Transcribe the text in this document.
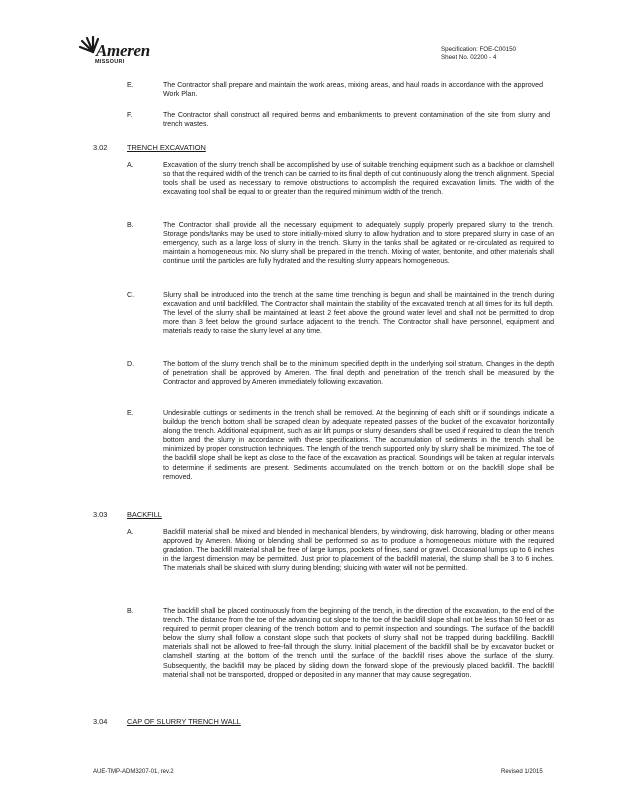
Ameren
MISSOURI
Specification: FOE-C00150
Sheet No. 02200 - 4
E.	The Contractor shall prepare and maintain the work areas, mixing areas, and haul roads in accordance with the approved Work Plan.

F.	The Contractor shall construct all required berms and embankments to prevent contamination of the site from slurry and trench wastes.

3.02	TRENCH EXCAVATION
A.	Excavation of the slurry trench shall be accomplished by use of suitable trenching equipment such as a backhoe or clamshell so that the required width of the trench can be carried to its final depth of cut continuously along the trench alignment. Special tools shall be used as necessary to remove obstructions to accomplish the required excavation limits. The width of the excavating tool shall be equal to or greater than the required minimum width of the trench.

B.	The Contractor shall provide all the necessary equipment to adequately supply properly prepared slurry to the trench. Storage ponds/tanks may be used to store initially-mixed slurry to allow hydration and to store prepared slurry in case of an emergency, such as a large loss of slurry in the trench. Slurry in the tanks shall be agitated or re-circulated as required to maintain a homogeneous mix. No slurry shall be prepared in the trench. Mixing of water, bentonite, and other materials shall continue until the particles are fully hydrated and the resulting slurry appears homogeneous.

C.	Slurry shall be introduced into the trench at the same time trenching is begun and shall be maintained in the trench during excavation and until backfilled. The Contractor shall maintain the stability of the excavated trench at all times for its full depth. The level of the slurry shall be maintained at least 2 feet above the ground water level and shall not be permitted to drop more than 3 feet below the ground surface adjacent to the trench. The Contractor shall have personnel, equipment and materials ready to raise the slurry level at any time.

D.	The bottom of the slurry trench shall be to the minimum specified depth in the underlying soil stratum. Changes in the depth of penetration shall be approved by Ameren. The final depth and penetration of the trench shall be measured by the Contractor and approved by Ameren immediately following excavation.

E.	Undesirable cuttings or sediments in the trench shall be removed. At the beginning of each shift or if soundings indicate a buildup the trench bottom shall be scraped clean by adequate repeated passes of the bucket of the excavator horizontally along the trench. Additional equipment, such as air lift pumps or slurry desanders shall be used if required to clean the trench bottom and the slurry in accordance with these specifications. The accumulation of sediments in the trench shall be minimized by proper construction techniques. The length of the trench supported only by slurry shall be minimized. The toe of the backfill slope shall be kept as close to the face of the excavation as practical. Soundings will be taken at regular intervals to determine if sediments are present. Sediments accumulated on the trench bottom or on the backfill slope shall be removed.

3.03	BACKFILL
A.	Backfill material shall be mixed and blended in mechanical blenders, by windrowing, disk harrowing, blading or other means approved by Ameren. Mixing or blending shall be performed so as to produce a homogeneous mixture with the required gradation. The backfill material shall be free of large lumps, pockets of fines, sand or gravel. Occasional lumps up to 6 inches in the largest dimension may be permitted. Just prior to placement of the backfill material, the slump shall be 3 to 6 inches. The materials shall be sluiced with slurry during blending; sluicing with water will not be permitted.

B.	The backfill shall be placed continuously from the beginning of the trench, in the direction of the excavation, to the end of the trench. The distance from the toe of the advancing cut slope to the toe of the backfill slope shall not be less than 50 feet or as required to permit proper cleaning of the trench bottom and to permit inspection and soundings. The surface of the backfill below the slurry shall follow a constant slope such that pockets of slurry shall not be trapped during backfilling. Backfill materials shall not be allowed to free-fall through the slurry. Initial placement of the backfill shall be by excavator bucket or clamshell starting at the bottom of the trench until the surface of the backfill rises above the surface of the slurry. Subsequently, the backfill may be placed by sliding down the forward slope of the previously placed backfill. The backfill material shall not be transported, dropped or deposited in any manner that may cause segregation.

3.04	CAP OF SLURRY TRENCH WALL
AUE-TMP-ADM3207-01, rev.2	Revised 1/2015
